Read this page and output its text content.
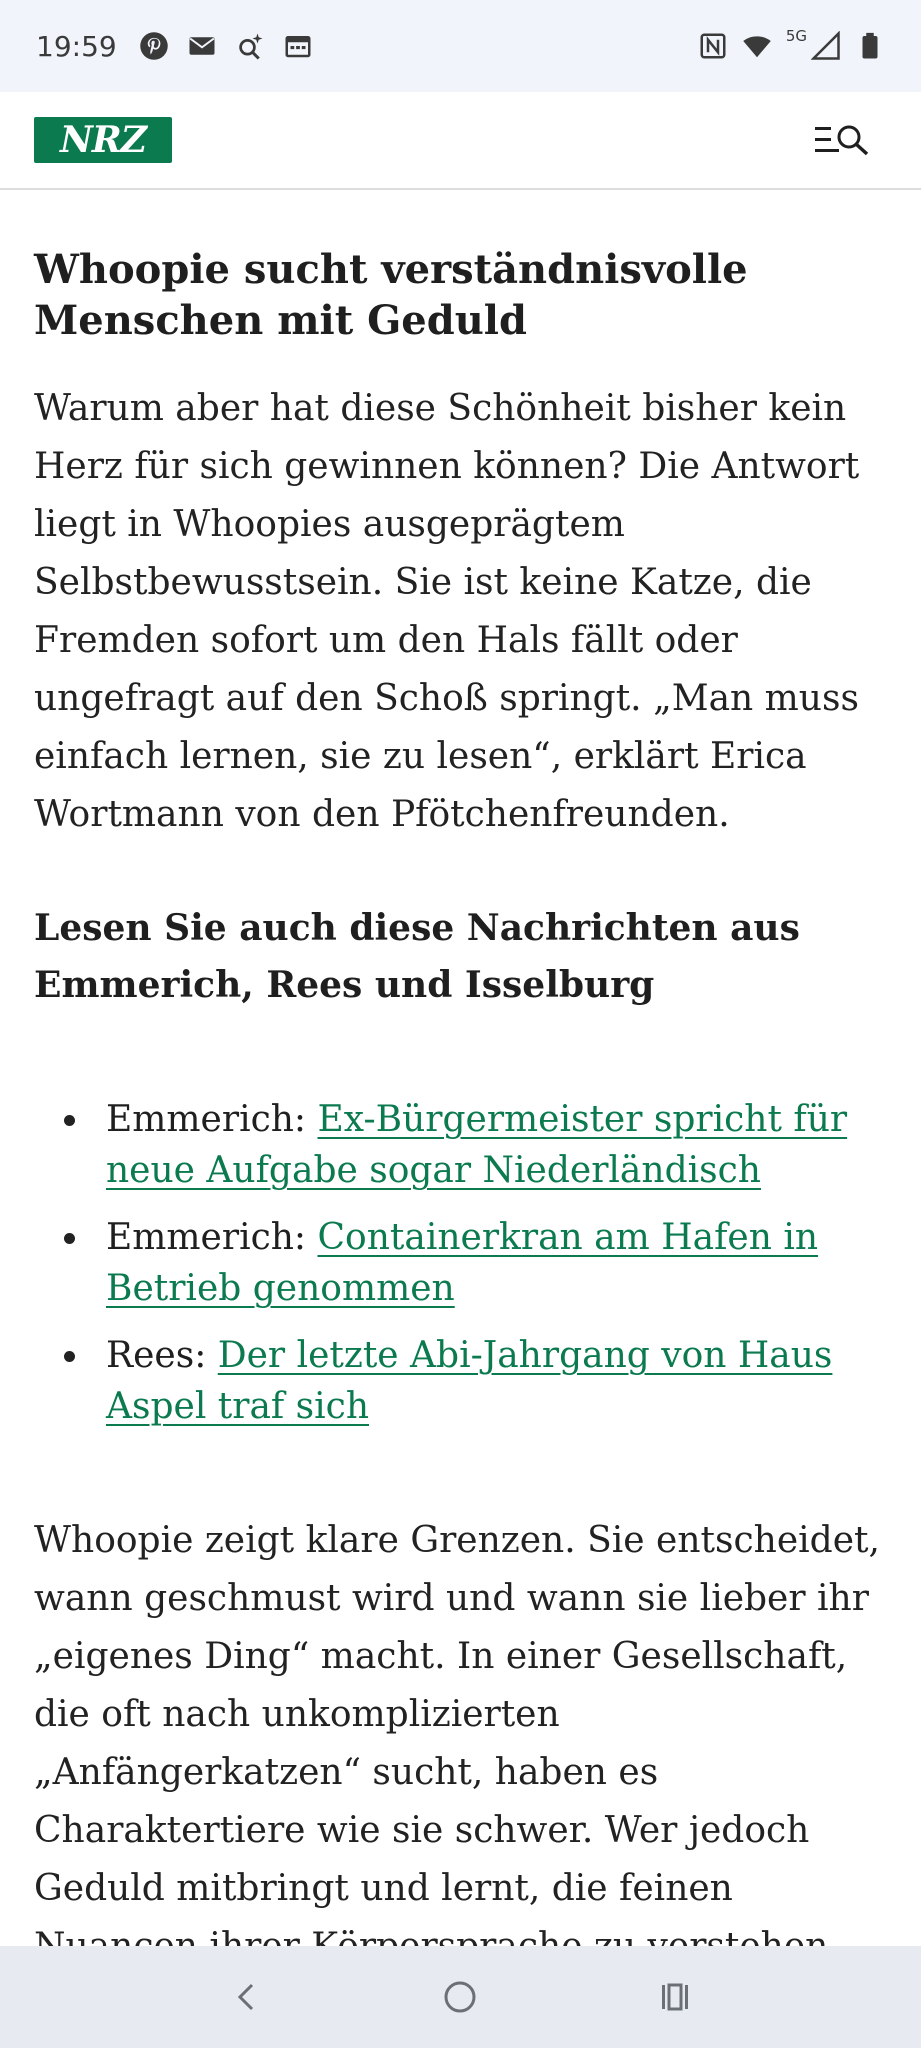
19:59	5G
NRZ
Whoopie sucht verständnisvolle Menschen mit Geduld

Warum aber hat diese Schönheit bisher kein Herz für sich gewinnen können? Die Antwort liegt in Whoopies ausgeprägtem Selbstbewusstsein. Sie ist keine Katze, die Fremden sofort um den Hals fällt oder ungefragt auf den Schoß springt. „Man muss einfach lernen, sie zu lesen“, erklärt Erica Wortmann von den Pfötchenfreunden.

Lesen Sie auch diese Nachrichten aus Emmerich, Rees und Isselburg
Emmerich: Ex-Bürgermeister spricht für neue Aufgabe sogar Niederländisch
Emmerich: Containerkran am Hafen in Betrieb genommen
Rees: Der letzte Abi-Jahrgang von Haus Aspel traf sich

Whoopie zeigt klare Grenzen. Sie entscheidet, wann geschmust wird und wann sie lieber ihr „eigenes Ding“ macht. In einer Gesellschaft, die oft nach unkomplizierten „Anfängerkatzen“ sucht, haben es Charaktertiere wie sie schwer. Wer jedoch Geduld mitbringt und lernt, die feinen
